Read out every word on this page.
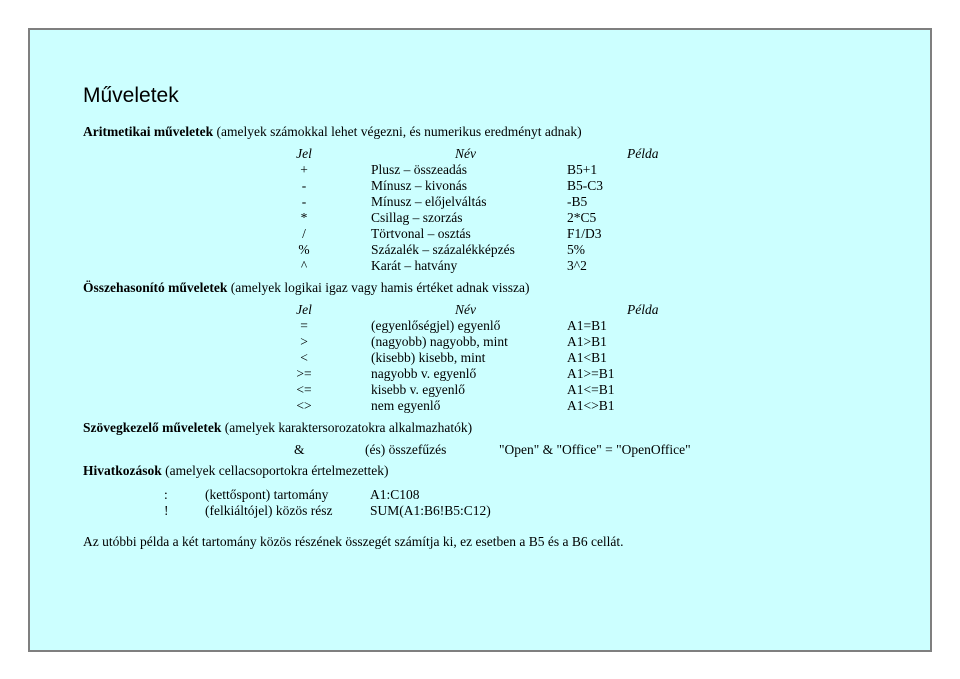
Műveletek
Aritmetikai műveletek (amelyek számokkal lehet végezni, és numerikus eredményt adnak)
Jel	Név	Példa
+	Plusz – összeadás	B5+1
-	Mínusz – kivonás	B5-C3
-	Mínusz – előjelváltás	-B5
*	Csillag – szorzás	2*C5
/	Törtvonal – osztás	F1/D3
%	Százalék – százalékképzés	5%
^	Karát – hatvány	3^2
Összehasonító műveletek (amelyek logikai igaz vagy hamis értéket adnak vissza)
Jel	Név	Példa
=	(egyenlőségjel) egyenlő	A1=B1
>	(nagyobb) nagyobb, mint	A1>B1
<	(kisebb) kisebb, mint	A1<B1
>=	nagyobb v. egyenlő	A1>=B1
<=	kisebb v. egyenlő	A1<=B1
<>	nem egyenlő	A1<>B1
Szövegkezelő műveletek (amelyek karaktersorozatokra alkalmazhatók)
&	(és) összefűzés	"Open" & "Office" = "OpenOffice"
Hivatkozások (amelyek cellacsoportokra értelmezettek)
:	(kettőspont) tartomány	A1:C108
!	(felkiáltójel) közös rész	SUM(A1:B6!B5:C12)
Az utóbbi példa a két tartomány közös részének összegét számítja ki, ez esetben a B5 és a B6 cellát.
